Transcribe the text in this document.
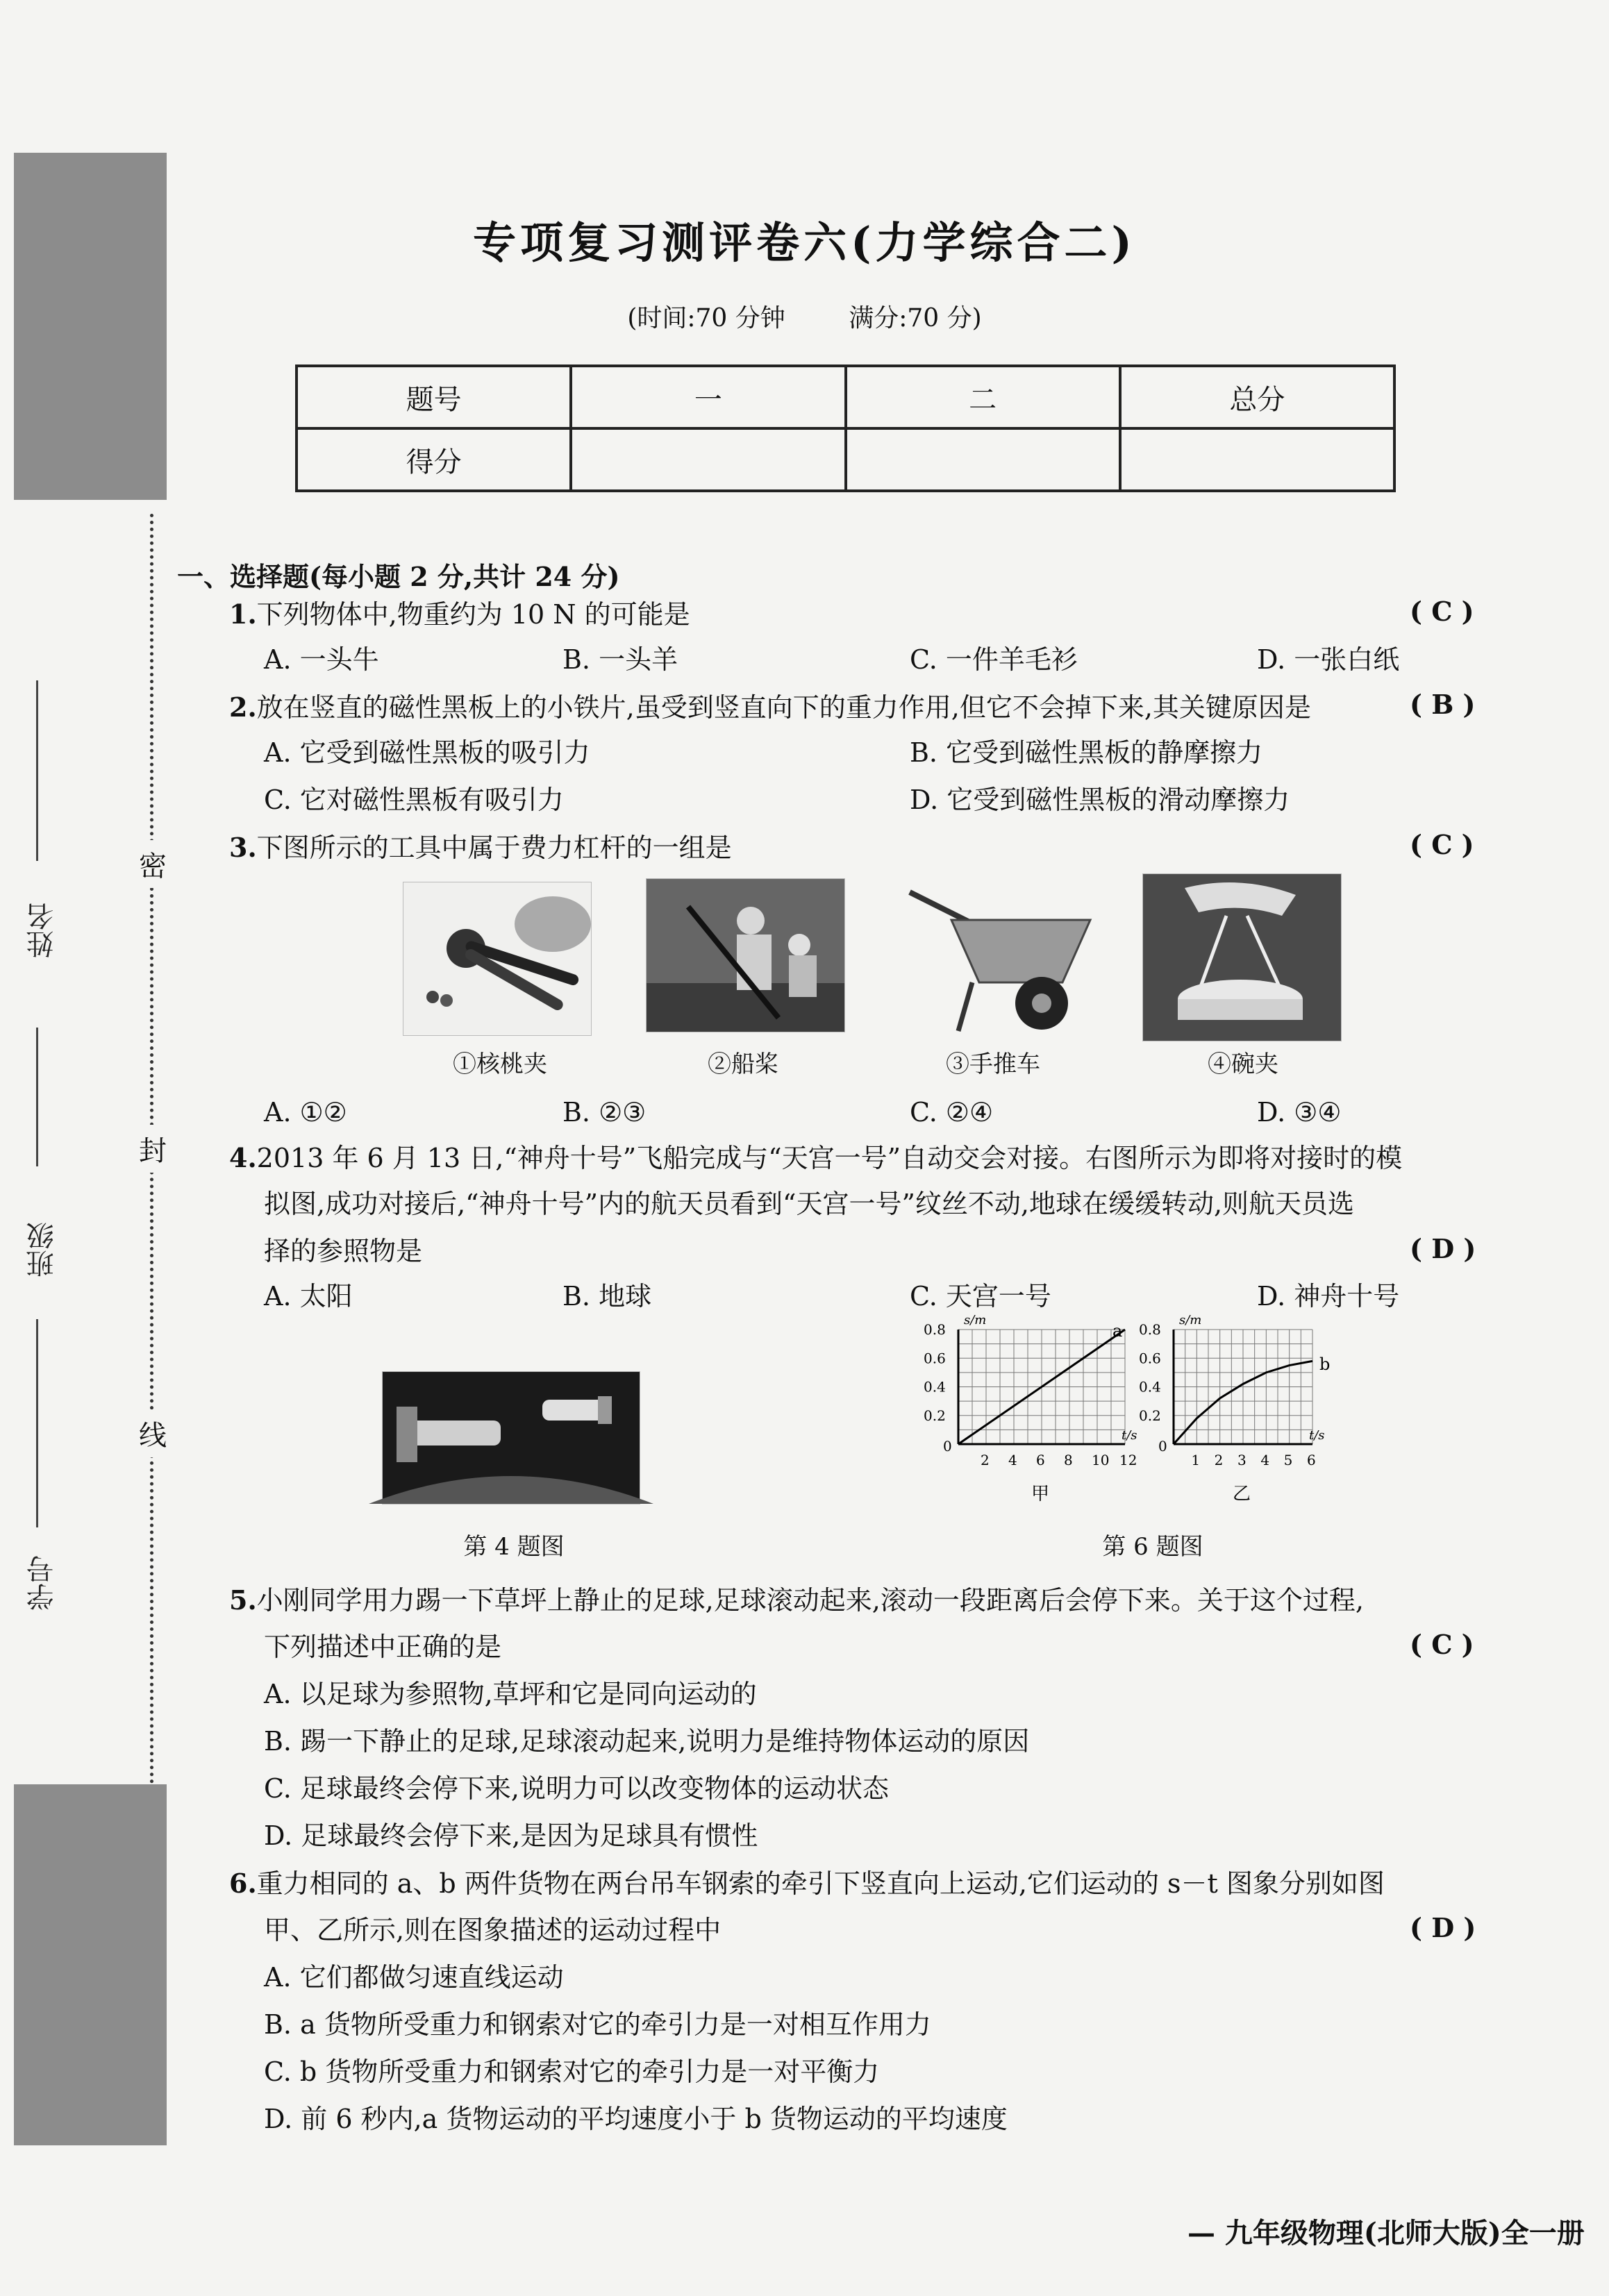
姓名
班级
学号
密
封
线
专项复习测评卷六(力学综合二)
(时间:70 分钟	满分:70 分)
题号	一	二	总分
得分			
一、选择题(每小题 2 分,共计 24 分)
1.下列物体中,物重约为 10 N 的可能是	( C )
A. 一头牛	B. 一头羊	C. 一件羊毛衫	D. 一张白纸
2.放在竖直的磁性黑板上的小铁片,虽受到竖直向下的重力作用,但它不会掉下来,其关键原因是	( B )
A. 它受到磁性黑板的吸引力	B. 它受到磁性黑板的静摩擦力
C. 它对磁性黑板有吸引力	D. 它受到磁性黑板的滑动摩擦力
3.下图所示的工具中属于费力杠杆的一组是	( C )
①核桃夹	②船桨	③手推车	④碗夹
A. ①②	B. ②③	C. ②④	D. ③④
4.2013 年 6 月 13 日,“神舟十号”飞船完成与“天宫一号”自动交会对接。右图所示为即将对接时的模
拟图,成功对接后,“神舟十号”内的航天员看到“天宫一号”纹丝不动,地球在缓缓转动,则航天员选
择的参照物是	( D )
A. 太阳	B. 地球	C. 天宫一号	D. 神舟十号
第 4 题图
a
s/m
t/s
0
2 4 6 8 10 12
0.2
0.4
0.6
0.8
甲
b
s/m
t/s
0
1 2 3 4 5 6
0.2
0.4
0.6
0.8
乙
第 6 题图
5.小刚同学用力踢一下草坪上静止的足球,足球滚动起来,滚动一段距离后会停下来。关于这个过程,
下列描述中正确的是	( C )
A. 以足球为参照物,草坪和它是同向运动的
B. 踢一下静止的足球,足球滚动起来,说明力是维持物体运动的原因
C. 足球最终会停下来,说明力可以改变物体的运动状态
D. 足球最终会停下来,是因为足球具有惯性
6.重力相同的 a、b 两件货物在两台吊车钢索的牵引下竖直向上运动,它们运动的 s－t 图象分别如图
甲、乙所示,则在图象描述的运动过程中	( D )
A. 它们都做匀速直线运动
B. a 货物所受重力和钢索对它的牵引力是一对相互作用力
C. b 货物所受重力和钢索对它的牵引力是一对平衡力
D. 前 6 秒内,a 货物运动的平均速度小于 b 货物运动的平均速度
— 九年级物理(北师大版)全一册
